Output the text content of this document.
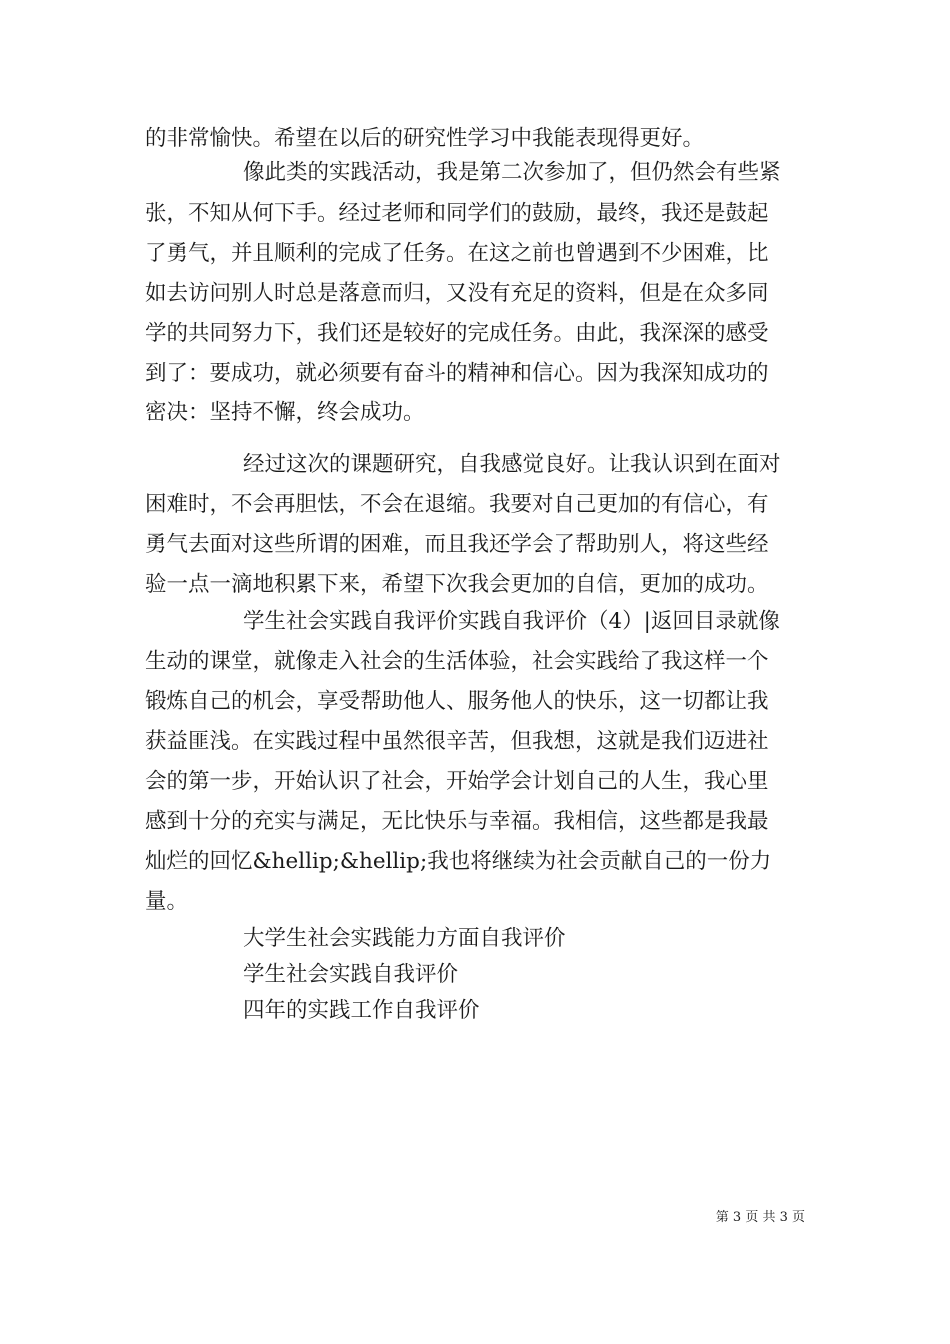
的非常愉快。希望在以后的研究性学习中我能表现得更好。
像此类的实践活动，我是第二次参加了，但仍然会有些紧
张，不知从何下手。经过老师和同学们的鼓励，最终，我还是鼓起
了勇气，并且顺利的完成了任务。在这之前也曾遇到不少困难，比
如去访问别人时总是落意而归，又没有充足的资料，但是在众多同
学的共同努力下，我们还是较好的完成任务。由此，我深深的感受
到了：要成功，就必须要有奋斗的精神和信心。因为我深知成功的
密决：坚持不懈，终会成功。
经过这次的课题研究，自我感觉良好。让我认识到在面对
困难时，不会再胆怯，不会在退缩。我要对自己更加的有信心，有
勇气去面对这些所谓的困难，而且我还学会了帮助别人，将这些经
验一点一滴地积累下来，希望下次我会更加的自信，更加的成功。
学生社会实践自我评价实践自我评价（4）|返回目录就像
生动的课堂，就像走入社会的生活体验，社会实践给了我这样一个
锻炼自己的机会，享受帮助他人、服务他人的快乐，这一切都让我
获益匪浅。在实践过程中虽然很辛苦，但我想，这就是我们迈进社
会的第一步，开始认识了社会，开始学会计划自己的人生，我心里
感到十分的充实与满足，无比快乐与幸福。我相信，这些都是我最
灿烂的回忆&hellip;&hellip;我也将继续为社会贡献自己的一份力
量。
大学生社会实践能力方面自我评价
学生社会实践自我评价
四年的实践工作自我评价
第 3 页 共 3 页
